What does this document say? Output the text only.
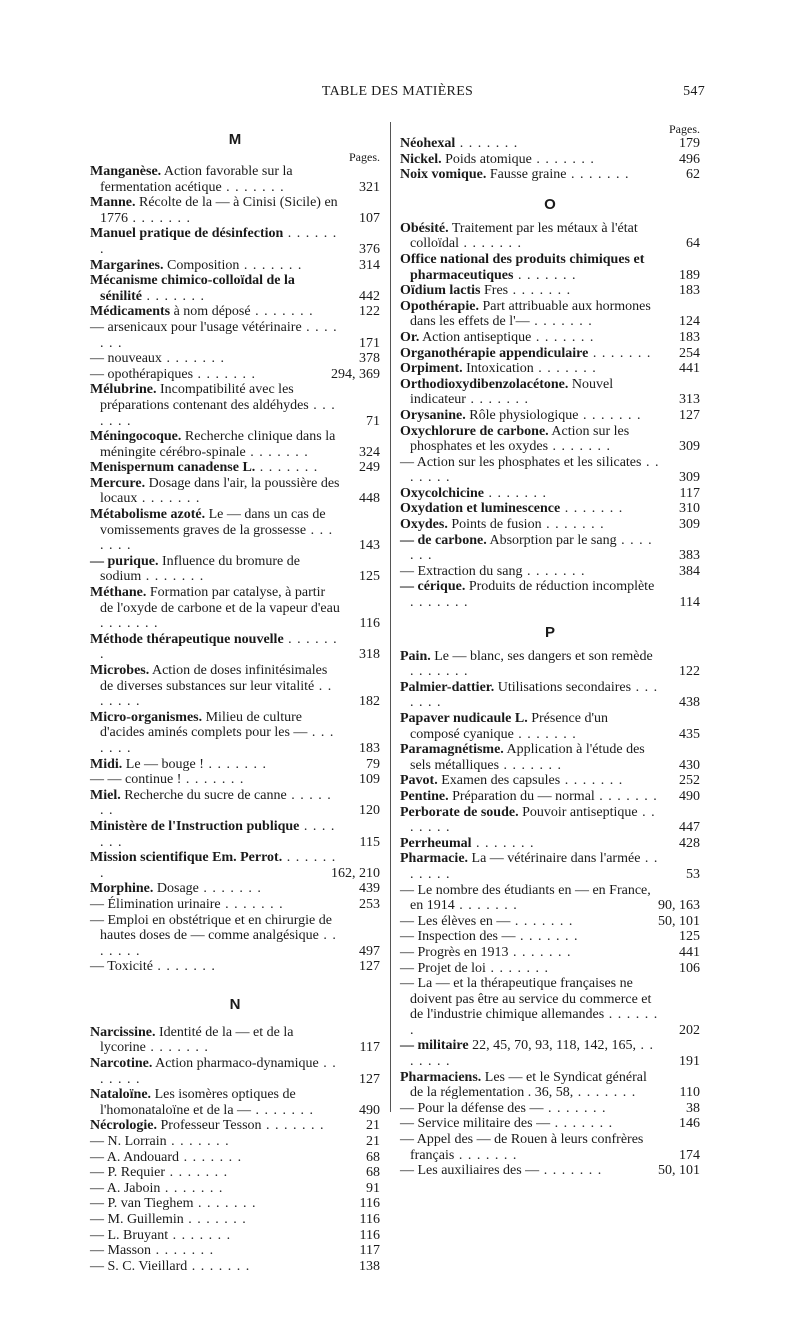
TABLE DES MATIÈRES	547
M
Pages.
Manganèse. Action favorable sur la fermentation acétique . . . . . . .	321
Manne. Récolte de la — à Cinisi (Sicile) en 1776 . . . . . . .	107
Manuel pratique de désinfection . . . . . . .	376
Margarines. Composition . . . . . . .	314
Mécanisme chimico-colloïdal de la sénilité . . . . . . .	442
Médicaments à nom déposé . . . . . . .	122
— arsenicaux pour l'usage vétérinaire . . . . . . .	171
— nouveaux . . . . . . .	378
— opothérapiques . . . . . . .	294, 369
Mélubrine. Incompatibilité avec les préparations contenant des aldéhydes . . . . . . .	71
Méningocoque. Recherche clinique dans la méningite cérébro-spinale . . . . . . .	324
Menispernum canadense L. . . . . . . .	249
Mercure. Dosage dans l'air, la poussière des locaux . . . . . . .	448
Métabolisme azoté. Le — dans un cas de vomissements graves de la grossesse . . . . . . .	143
— purique. Influence du bromure de sodium . . . . . . .	125
Méthane. Formation par catalyse, à partir de l'oxyde de carbone et de la vapeur d'eau . . . . . . .	116
Méthode thérapeutique nouvelle . . . . . . .	318
Microbes. Action de doses infinitésimales de diverses substances sur leur vitalité . . . . . . .	182
Micro-organismes. Milieu de culture d'acides aminés complets pour les — . . . . . . .	183
Midi. Le — bouge ! . . . . . . .	79
— — continue ! . . . . . . .	109
Miel. Recherche du sucre de canne . . . . . . .	120
Ministère de l'Instruction publique . . . . . . .	115
Mission scientifique Em. Perrot. . . . . . . .	162, 210
Morphine. Dosage . . . . . . .	439
— Élimination urinaire . . . . . . .	253
— Emploi en obstétrique et en chirurgie de hautes doses de — comme analgésique . . . . . . .	497
— Toxicité . . . . . . .	127
N
Narcissine. Identité de la — et de la lycorine . . . . . . .	117
Narcotine. Action pharmaco-dynamique . . . . . . .	127
Nataloïne. Les isomères optiques de l'homonataloïne et de la — . . . . . . .	490
Nécrologie. Professeur Tesson . . . . . . .	21
— N. Lorrain . . . . . . .	21
— A. Andouard . . . . . . .	68
— P. Requier . . . . . . .	68
— A. Jaboin . . . . . . .	91
— P. van Tieghem . . . . . . .	116
— M. Guillemin . . . . . . .	116
— L. Bruyant . . . . . . .	116
— Masson . . . . . . .	117
— S. C. Vieillard . . . . . . .	138
Pages.
Néohexal . . . . . . .	179
Nickel. Poids atomique . . . . . . .	496
Noix vomique. Fausse graine . . . . . . .	62
O
Obésité. Traitement par les métaux à l'état colloïdal . . . . . . .	64
Office national des produits chimiques et pharmaceutiques . . . . . . .	189
Oïdium lactis Fres . . . . . . .	183
Opothérapie. Part attribuable aux hormones dans les effets de l'— . . . . . . .	124
Or. Action antiseptique . . . . . . .	183
Organothérapie appendiculaire . . . . . . .	254
Orpiment. Intoxication . . . . . . .	441
Orthodioxydibenzolacétone. Nouvel indicateur . . . . . . .	313
Orysanine. Rôle physiologique . . . . . . .	127
Oxychlorure de carbone. Action sur les phosphates et les oxydes . . . . . . .	309
— Action sur les phosphates et les silicates . . . . . . .	309
Oxycolchicine . . . . . . .	117
Oxydation et luminescence . . . . . . .	310
Oxydes. Points de fusion . . . . . . .	309
— de carbone. Absorption par le sang . . . . . . .	383
— Extraction du sang . . . . . . .	384
— cérique. Produits de réduction incomplète . . . . . . .	114
P
Pain. Le — blanc, ses dangers et son remède . . . . . . .	122
Palmier-dattier. Utilisations secondaires . . . . . . .	438
Papaver nudicaule L. Présence d'un composé cyanique . . . . . . .	435
Paramagnétisme. Application à l'étude des sels métalliques . . . . . . .	430
Pavot. Examen des capsules . . . . . . .	252
Pentine. Préparation du — normal . . . . . . .	490
Perborate de soude. Pouvoir antiseptique . . . . . . .	447
Perrheumal . . . . . . .	428
Pharmacie. La — vétérinaire dans l'armée . . . . . . .	53
— Le nombre des étudiants en — en France, en 1914 . . . . . . .	90, 163
— Les élèves en — . . . . . . .	50, 101
— Inspection des — . . . . . . .	125
— Progrès en 1913 . . . . . . .	441
— Projet de loi . . . . . . .	106
— La — et la thérapeutique françaises ne doivent pas être au service du commerce et de l'industrie chimique allemandes . . . . . . .	202
— militaire 22, 45, 70, 93, 118, 142, 165, . . . . . . .	191
Pharmaciens. Les — et le Syndicat général de la réglementation . 36, 58, . . . . . . .	110
— Pour la défense des — . . . . . . .	38
— Service militaire des — . . . . . . .	146
— Appel des — de Rouen à leurs confrères français . . . . . . .	174
— Les auxiliaires des — . . . . . . .	50, 101
